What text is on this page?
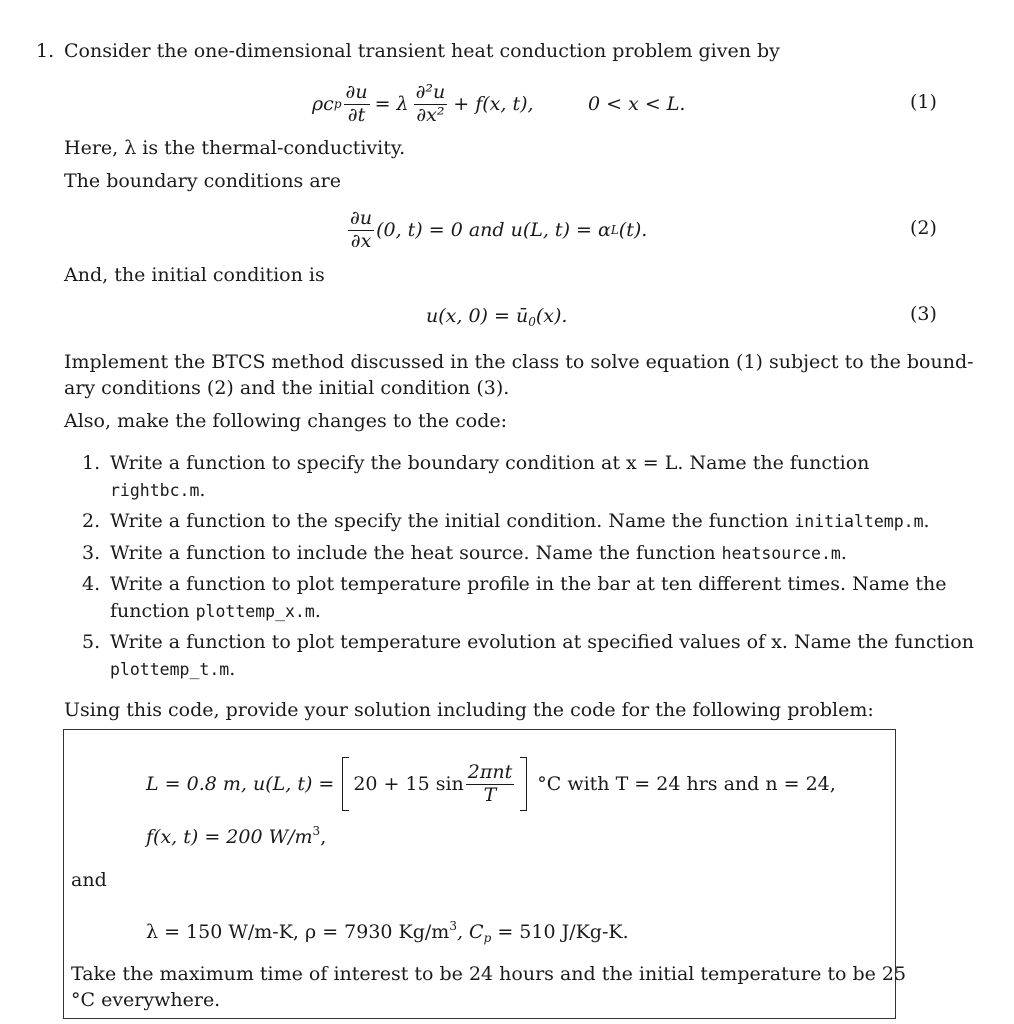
1. Consider the one-dimensional transient heat conduction problem given by
ρc p $\frac{\partial u}{\partial t} = \lambda \frac{\text{∂²u}}{\text{∂x²}} + f(x$, t),	0 < x < L.	(1)
Here, λ is the thermal-conductivity.
The boundary conditions are
$\frac{\partial u}{\partial x} (0$, t) = 0 and u(L, t) = α L (t).	(2)
And, the initial condition is
u(x, $0) = ū_0(x)$.	(3)
Implement the BTCS method discussed in the class to solve equation (1) subject to the bound-
ary conditions (2) and the initial condition (3).
Also, make the following changes to the code:
1. Write a function to specify the boundary condition at x = L. Name the function
rightbc.m.
2. Write a function to the specify the initial condition. Name the function initialtemp.m.
3. Write a function to include the heat source. Name the function heatsource.m.
4. Write a function to plot temperature profile in the bar at ten different times. Name the
function plottemp_x.m.
5. Write a function to plot temperature evolution at specified values of x. Name the function
plottemp_t.m.
Using this code, provide your solution including the code for the following problem:
L = 0.8 m, u(L, t) = 20 + 15 $\sin \frac{\text{2πnt}}{T} ^\circ C$ with T = 24 hrs and n = 24,
f(x, t) = 200 $W/m^3$,
and
λ = 150 W/m-K, ρ = 7930 $Kg/m^3$, $C_p = 510$ J/Kg-K.
Take the maximum time of interest to be 24 hours and the initial temperature to be 25
°C everywhere.
